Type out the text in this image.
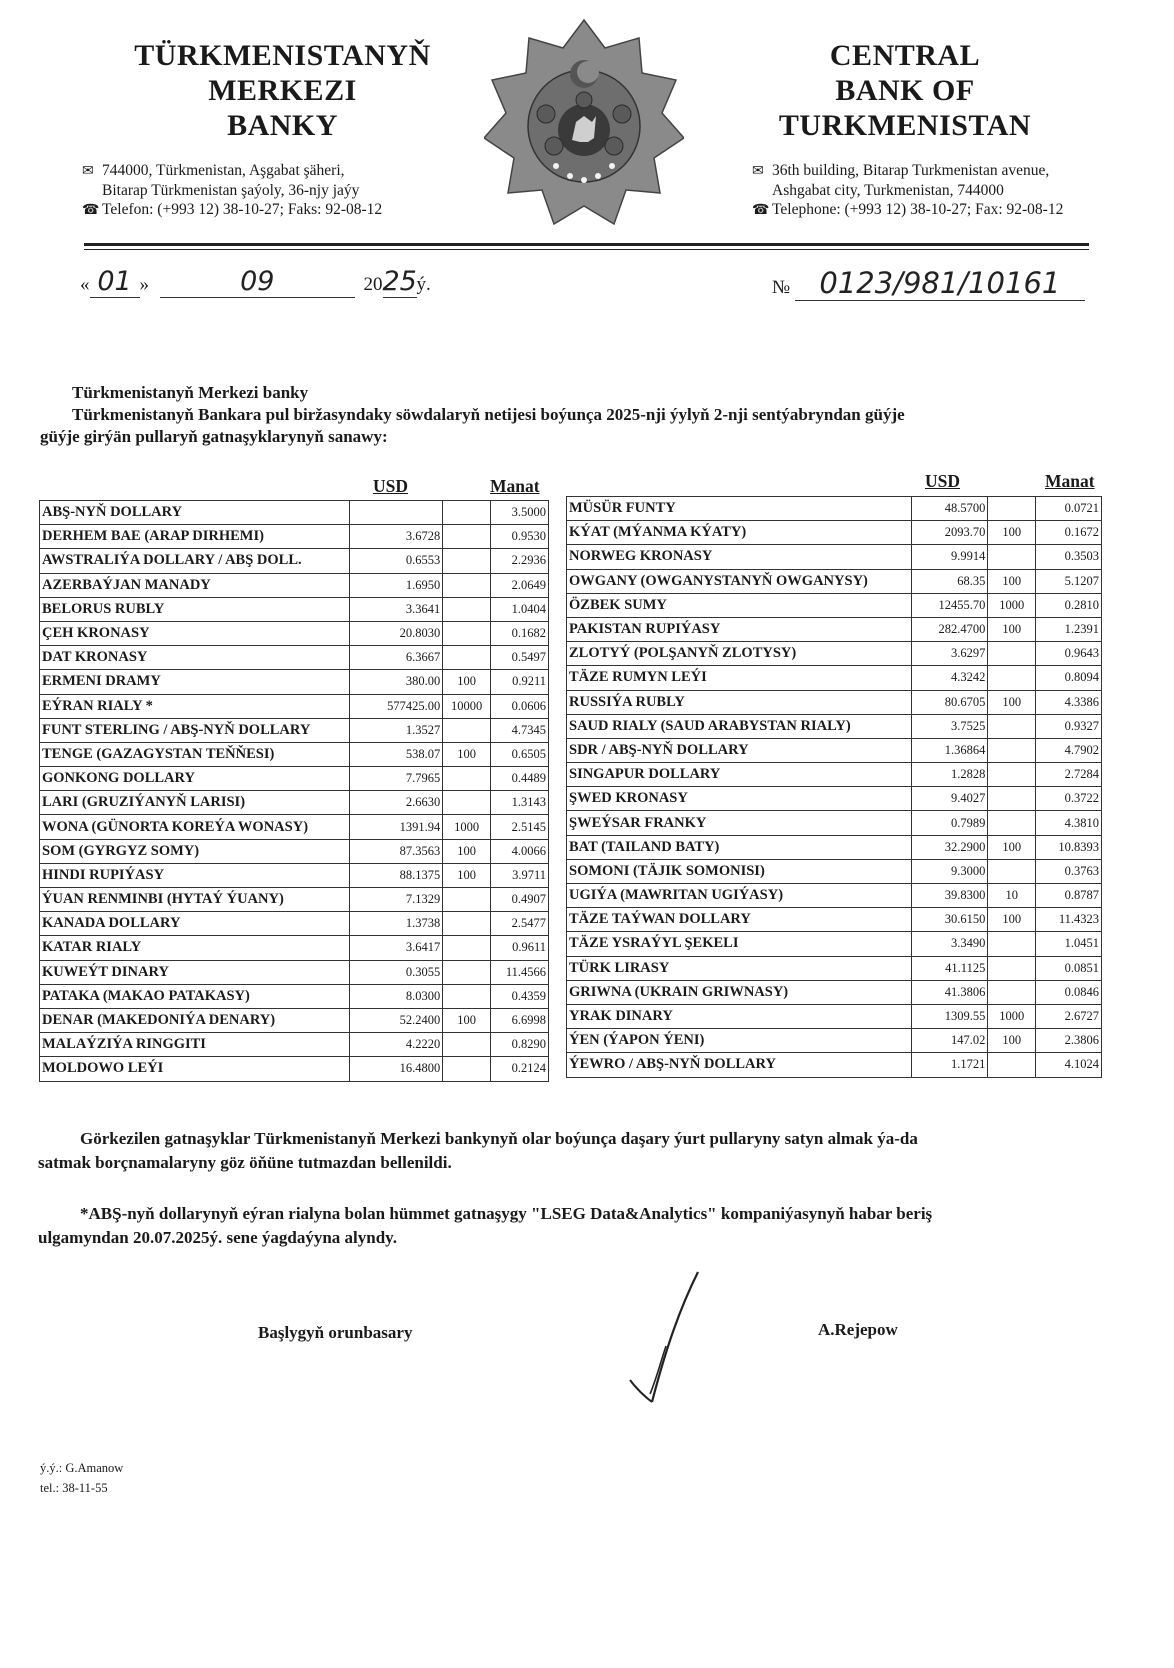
TÜRKMENISTANYŇ
MERKEZI
BANKY
✉ 744000, Türkmenistan, Aşgabat şäheri,
Bitarap Türkmenistan şaýoly, 36-njy jaýy
☎ Telefon: (+993 12) 38-10-27; Faks: 92-08-12
CENTRAL
BANK OF
TURKMENISTAN
✉ 36th building, Bitarap Turkmenistan avenue,
Ashgabat city, Turkmenistan, 744000
☎ Telephone: (+993 12) 38-10-27; Fax: 92-08-12
« 01 »	09	2025ý.	№ 0123/981/10161
Türkmenistanyň Merkezi banky
Türkmenistanyň Bankara pul biržasyndaky söwdalaryň netijesi boýunça 2025-nji ýylyň 2-nji sentýabryndan güýje
güýje girýän pullaryň gatnaşyklarynyň sanawy:
USD	Manat	USD	Manat
ABŞ-NYŇ DOLLARY			3.5000
DERHEM BAE (ARAP DIRHEMI)	3.6728		0.9530
AWSTRALIÝA DOLLARY / ABŞ DOLL.	0.6553		2.2936
AZERBAÝJAN MANADY	1.6950		2.0649
BELORUS RUBLY	3.3641		1.0404
ÇEH KRONASY	20.8030		0.1682
DAT KRONASY	6.3667		0.5497
ERMENI DRAMY	380.00	100	0.9211
EÝRAN RIALY *	577425.00	10000	0.0606
FUNT STERLING / ABŞ-NYŇ DOLLARY	1.3527		4.7345
TENGE (GAZAGYSTAN TEŇŇESI)	538.07	100	0.6505
GONKONG DOLLARY	7.7965		0.4489
LARI (GRUZIÝANYŇ LARISI)	2.6630		1.3143
WONA (GÜNORTA KOREÝA WONASY)	1391.94	1000	2.5145
SOM (GYRGYZ SOMY)	87.3563	100	4.0066
HINDI RUPIÝASY	88.1375	100	3.9711
ÝUAN RENMINBI (HYTAÝ ÝUANY)	7.1329		0.4907
KANADA DOLLARY	1.3738		2.5477
KATAR RIALY	3.6417		0.9611
KUWEÝT DINARY	0.3055		11.4566
PATAKA (MAKAO PATAKASY)	8.0300		0.4359
DENAR (MAKEDONIÝA DENARY)	52.2400	100	6.6998
MALAÝZIÝA RINGGITI	4.2220		0.8290
MOLDOWO LEÝI	16.4800		0.2124
MÜSÜR FUNTY	48.5700		0.0721
KÝAT (MÝANMA KÝATY)	2093.70	100	0.1672
NORWEG KRONASY	9.9914		0.3503
OWGANY (OWGANYSTANYŇ OWGANYSY)	68.35	100	5.1207
ÖZBEK SUMY	12455.70	1000	0.2810
PAKISTAN RUPIÝASY	282.4700	100	1.2391
ZLOTYÝ (POLŞANYŇ ZLOTYSY)	3.6297		0.9643
TÄZE RUMYN LEÝI	4.3242		0.8094
RUSSIÝA RUBLY	80.6705	100	4.3386
SAUD RIALY (SAUD ARABYSTAN RIALY)	3.7525		0.9327
SDR / ABŞ-NYŇ DOLLARY	1.36864		4.7902
SINGAPUR DOLLARY	1.2828		2.7284
ŞWED KRONASY	9.4027		0.3722
ŞWEÝSAR FRANKY	0.7989		4.3810
BAT (TAILAND BATY)	32.2900	100	10.8393
SOMONI (TÄJIK SOMONISI)	9.3000		0.3763
UGIÝA (MAWRITAN UGIÝASY)	39.8300	10	0.8787
TÄZE TAÝWAN DOLLARY	30.6150	100	11.4323
TÄZE YSRAÝYL ŞEKELI	3.3490		1.0451
TÜRK LIRASY	41.1125		0.0851
GRIWNA (UKRAIN GRIWNASY)	41.3806		0.0846
YRAK DINARY	1309.55	1000	2.6727
ÝEN (ÝAPON ÝENI)	147.02	100	2.3806
ÝEWRO / ABŞ-NYŇ DOLLARY	1.1721		4.1024
Görkezilen gatnaşyklar Türkmenistanyň Merkezi bankynyň olar boýunça daşary ýurt pullaryny satyn almak ýa-da
satmak borçnamalaryny göz öňüne tutmazdan bellenildi.
*ABŞ-nyň dollarynyň eýran rialyna bolan hümmet gatnaşygy "LSEG Data&Analytics" kompaniýasynyň habar beriş
ulgamyndan 20.07.2025ý. sene ýagdaýyna alyndy.
Başlygyň orunbasary	A.Rejepow
ý.ý.: G.Amanow
tel.: 38-11-55
